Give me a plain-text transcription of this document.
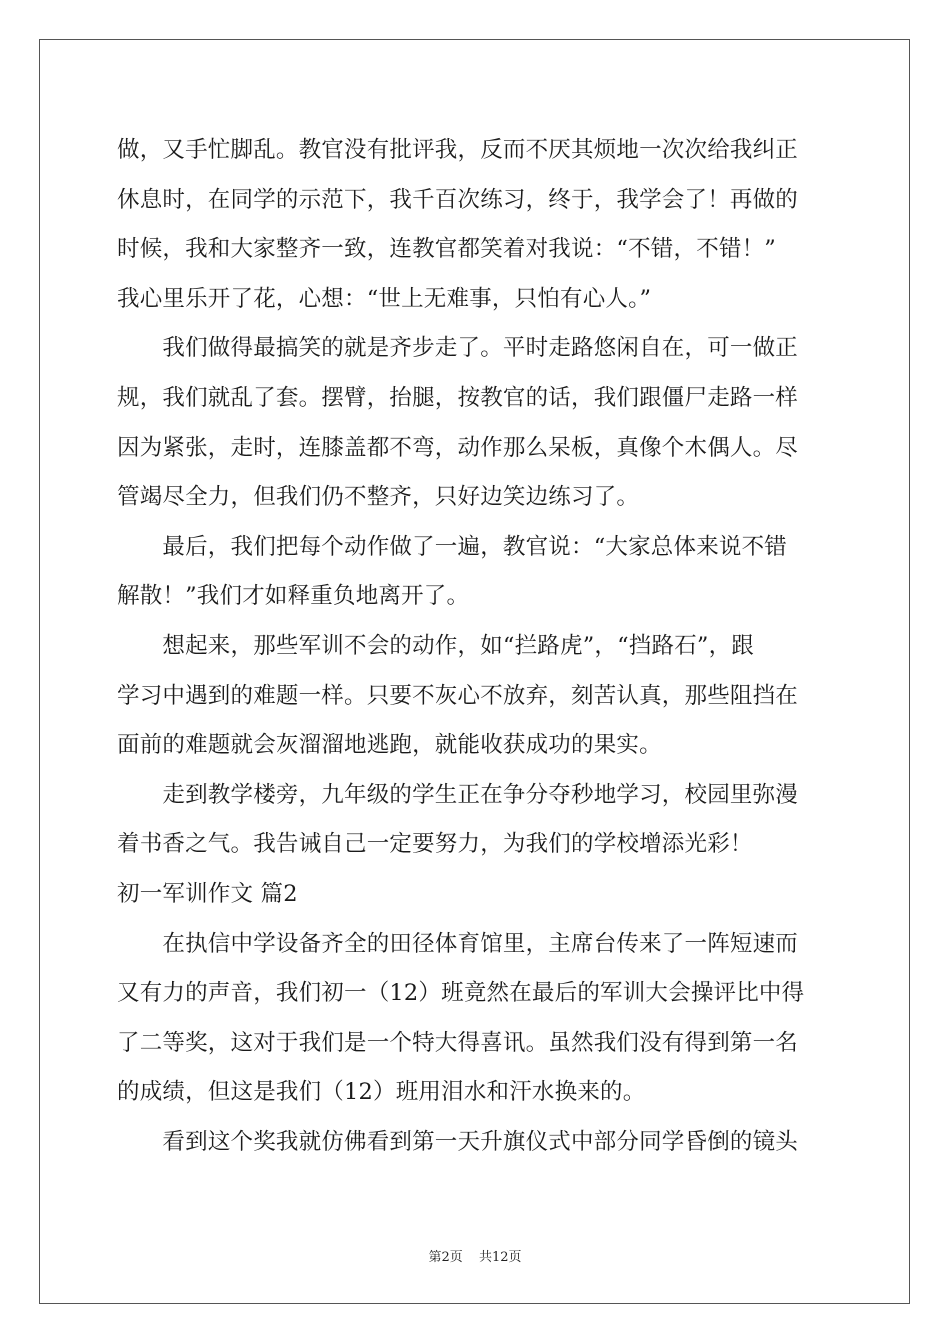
做，又手忙脚乱。教官没有批评我，反而不厌其烦地一次次给我纠正
休息时，在同学的示范下，我千百次练习，终于，我学会了！再做的
时候，我和大家整齐一致，连教官都笑着对我说：“不错，不错！”
我心里乐开了花，心想：“世上无难事，只怕有心人。”
　　我们做得最搞笑的就是齐步走了。平时走路悠闲自在，可一做正
规，我们就乱了套。摆臂，抬腿，按教官的话，我们跟僵尸走路一样
因为紧张，走时，连膝盖都不弯，动作那么呆板，真像个木偶人。尽
管竭尽全力，但我们仍不整齐，只好边笑边练习了。
　　最后，我们把每个动作做了一遍，教官说：“大家总体来说不错
解散！”我们才如释重负地离开了。
　　想起来，那些军训不会的动作，如“拦路虎”，“挡路石”，跟
学习中遇到的难题一样。只要不灰心不放弃，刻苦认真，那些阻挡在
面前的难题就会灰溜溜地逃跑，就能收获成功的果实。
　　走到教学楼旁，九年级的学生正在争分夺秒地学习，校园里弥漫
着书香之气。我告诫自己一定要努力，为我们的学校增添光彩！
初一军训作文 篇2
　　在执信中学设备齐全的田径体育馆里，主席台传来了一阵短速而
又有力的声音，我们初一（12）班竟然在最后的军训大会操评比中得
了二等奖，这对于我们是一个特大得喜讯。虽然我们没有得到第一名
的成绩，但这是我们（12）班用泪水和汗水换来的。
　　看到这个奖我就仿佛看到第一天升旗仪式中部分同学昏倒的镜头
第2页 共12页
